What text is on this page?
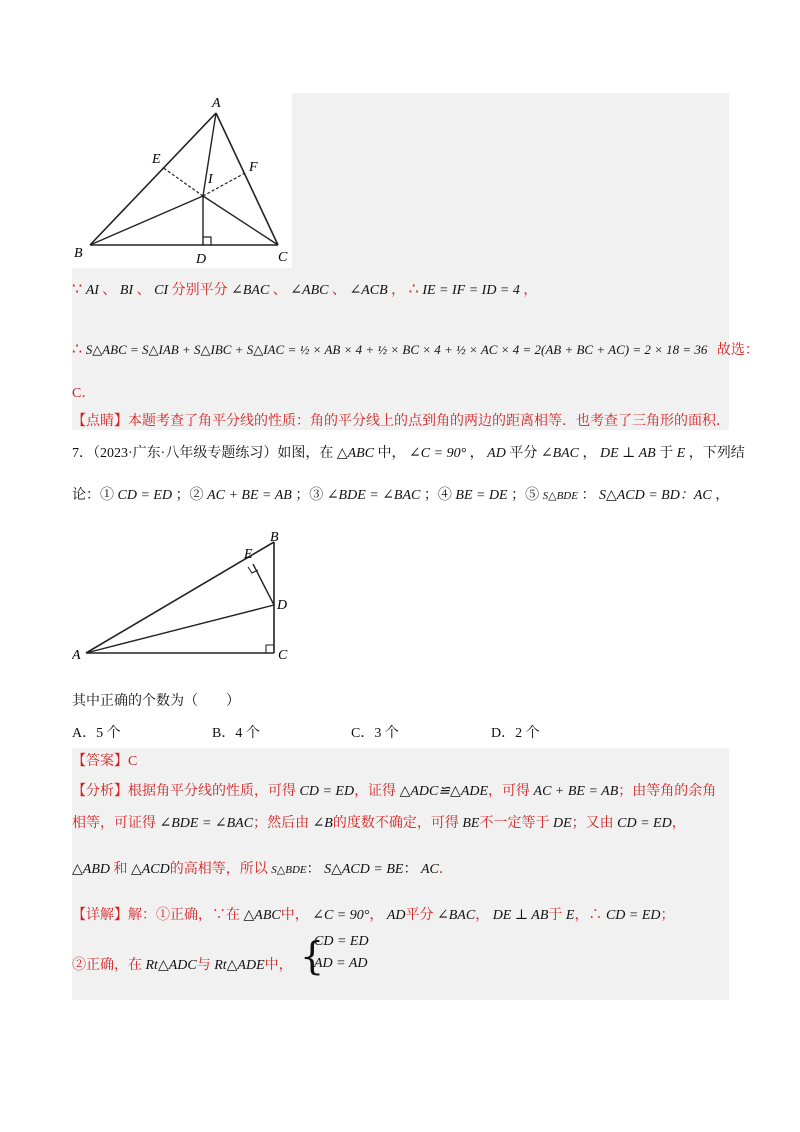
A
B	C
D
E
F
I
∵ AI 、 BI 、 CI 分别平分 ∠BAC 、 ∠ABC 、 ∠ACB ， ∴ IE = IF = ID = 4 ，
∴ S△ABC = S△IAB + S△IBC + S△IAC = ½ × AB × 4 + ½ × BC × 4 + ½ × AC × 4 = 2(AB + BC + AC) = 2 × 18 = 36 故选：
C．
【点睛】本题考查了角平分线的性质：角的平分线上的点到角的两边的距离相等．也考查了三角形的面积．
7．（2023·广东·八年级专题练习）如图，在 △ABC 中， ∠C = 90° ， AD 平分 ∠BAC ， DE ⊥ AB 于 E ，下列结
论：① CD = ED ；② AC + BE = AB ；③ ∠BDE = ∠BAC ；④ BE = DE ；⑤ S△BDE ： S△ACD = BD：AC ，
A
B
C
D
E
其中正确的个数为（　　）
A．5 个	B．4 个	C．3 个	D．2 个
【答案】C
【分析】根据角平分线的性质，可得 CD = ED，证得 △ADC≌△ADE，可得 AC + BE = AB；由等角的余角
相等，可证得 ∠BDE = ∠BAC；然后由 ∠B的度数不确定，可得 BE不一定等于 DE；又由 CD = ED，
△ABD 和 △ACD的高相等，所以 S△BDE： S△ACD = BE： AC．
【详解】解：①正确，∵在 △ABC中， ∠C = 90°， AD平分 ∠BAC， DE ⊥ AB于 E，∴ CD = ED；
②正确，在 Rt△ADC与 Rt△ADE中， {
CD = ED
AD = AD
